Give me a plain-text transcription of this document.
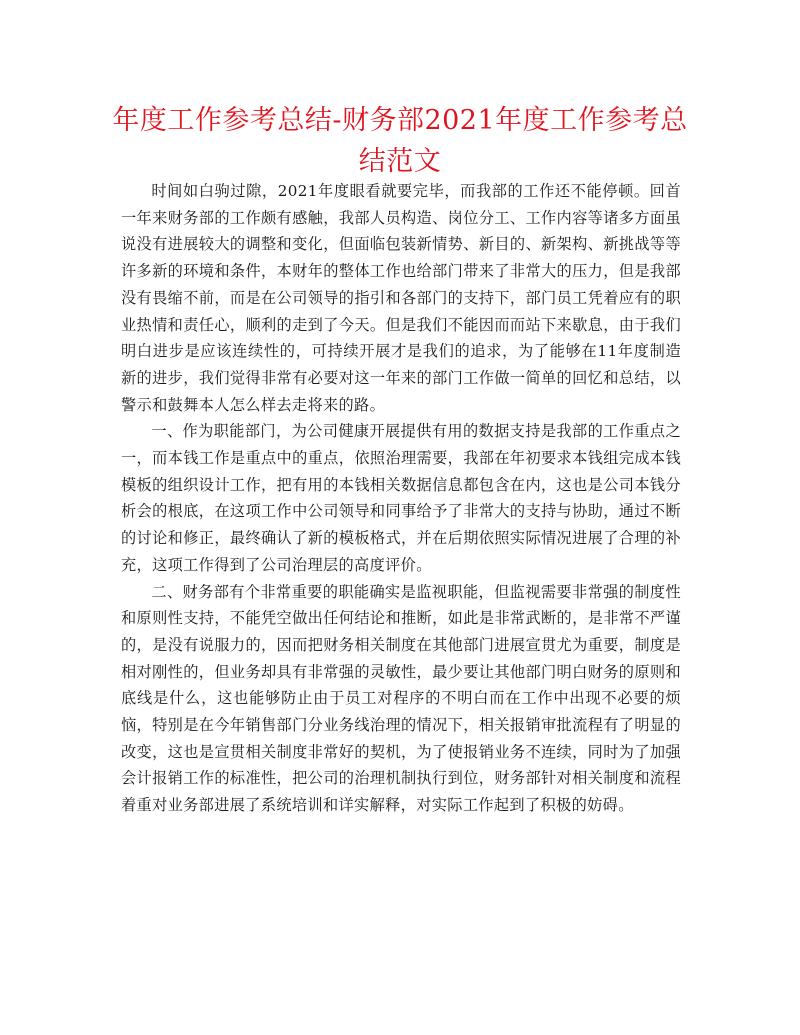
年度工作参考总结-财务部2021年度工作参考总结范文

时间如白驹过隙，2021年度眼看就要完毕，而我部的工作还不能停顿。回首一年来财务部的工作颇有感触，我部人员构造、岗位分工、工作内容等诸多方面虽说没有进展较大的调整和变化，但面临包装新情势、新目的、新架构、新挑战等等许多新的环境和条件，本财年的整体工作也给部门带来了非常大的压力，但是我部没有畏缩不前，而是在公司领导的指引和各部门的支持下，部门员工凭着应有的职业热情和责任心，顺利的走到了今天。但是我们不能因而而站下来歇息，由于我们明白进步是应该连续性的，可持续开展才是我们的追求，为了能够在11年度制造新的进步，我们觉得非常有必要对这一年来的部门工作做一简单的回忆和总结，以警示和鼓舞本人怎么样去走将来的路。

一、作为职能部门，为公司健康开展提供有用的数据支持是我部的工作重点之一，而本钱工作是重点中的重点，依照治理需要，我部在年初要求本钱组完成本钱模板的组织设计工作，把有用的本钱相关数据信息都包含在内，这也是公司本钱分析会的根底，在这项工作中公司领导和同事给予了非常大的支持与协助，通过不断的讨论和修正，最终确认了新的模板格式，并在后期依照实际情况进展了合理的补充，这项工作得到了公司治理层的高度评价。

二、财务部有个非常重要的职能确实是监视职能，但监视需要非常强的制度性和原则性支持，不能凭空做出任何结论和推断，如此是非常武断的，是非常不严谨的，是没有说服力的，因而把财务相关制度在其他部门进展宣贯尤为重要，制度是相对刚性的，但业务却具有非常强的灵敏性，最少要让其他部门明白财务的原则和底线是什么，这也能够防止由于员工对程序的不明白而在工作中出现不必要的烦恼，特别是在今年销售部门分业务线治理的情况下，相关报销审批流程有了明显的改变，这也是宣贯相关制度非常好的契机，为了使报销业务不连续，同时为了加强会计报销工作的标准性，把公司的治理机制执行到位，财务部针对相关制度和流程着重对业务部进展了系统培训和详实解释，对实际工作起到了积极的妨碍。
